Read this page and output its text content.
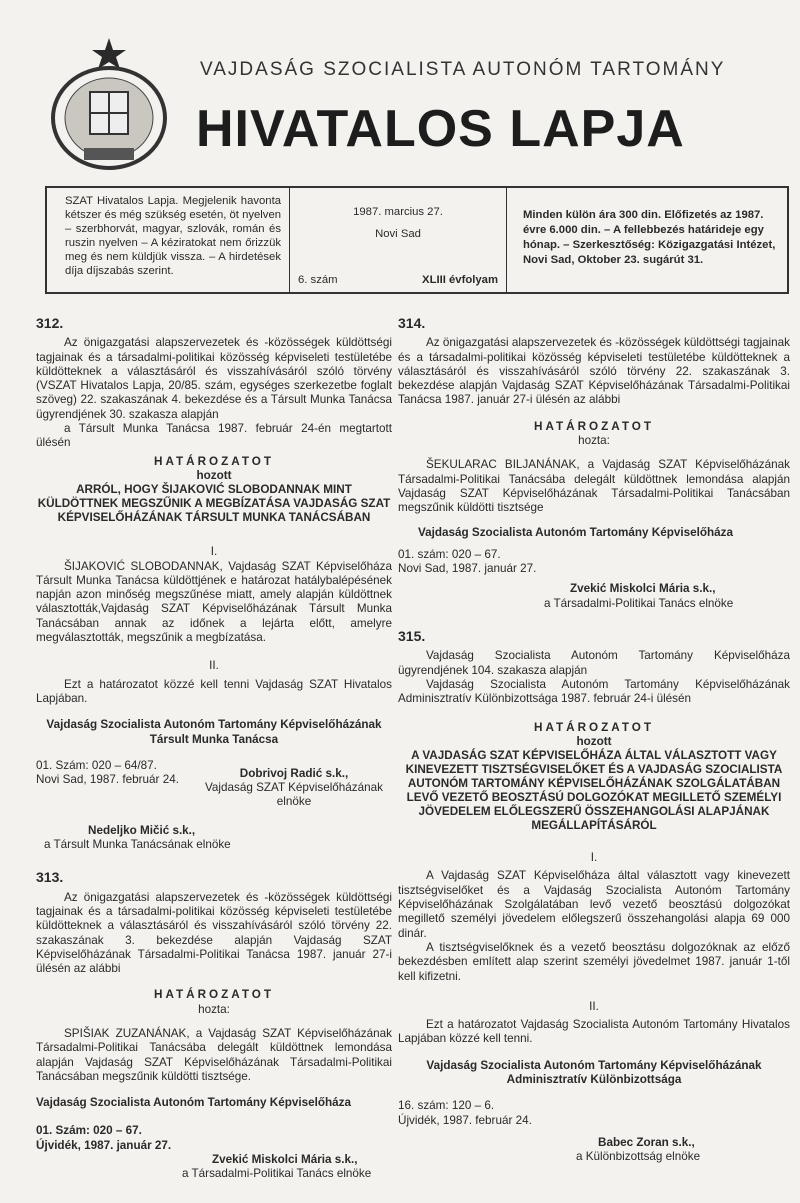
VAJDASÁG SZOCIALISTA AUTONÓM TARTOMÁNY
HIVATALOS LAPJA
SZAT Hivatalos Lapja. Megjelenik havonta kétszer és még szükség esetén, öt nyelven – szerbhorvát, magyar, szlovák, román és ruszin nyelven – A kéziratokat nem őrizzük meg és nem küldjük vissza. – A hirdetések díja díjszabás szerint.
1987. marcius 27.
Novi Sad
6. szám	XLIII évfolyam
Minden külön ára 300 din. Előfizetés az 1987. évre 6.000 din. – A fellebbezés határideje egy hónap. – Szerkesztőség: Közigazgatási Intézet, Novi Sad, Oktober 23. sugárút 31.
312.
Az önigazgatási alapszervezetek és -közösségek küldöttségi tagjainak és a társadalmi-politikai közösség képviseleti testületébe küldötteknek a választásáról és visszahívásáról szóló törvény (VSZAT Hivatalos Lapja, 20/85. szám, egységes szerkezetbe foglalt szöveg) 22. szakaszának 4. bekezdése és a Társult Munka Tanácsa ügyrendjének 30. szakasza alapján
a Társult Munka Tanácsa 1987. február 24-én megtartott ülésén
HATÁROZATOT
hozott
ARRÓL, HOGY ŠIJAKOVIĆ SLOBODANNAK MINT KÜLDÖTTNEK MEGSZŰNIK A MEGBÍZATÁSA VAJDASÁG SZAT KÉPVISELŐHÁZÁNAK TÁRSULT MUNKA TANÁCSÁBAN
I.
ŠIJAKOVIĆ SLOBODANNAK, Vajdaság SZAT Képviselőháza Társult Munka Tanácsa küldöttjének e határozat hatálybalépésének napján azon minőség megszűnése miatt, amely alapján küldöttnek választották,Vajdaság SZAT Képviselőházának Társult Munka Tanácsában annak az időnek a lejárta előtt, amelyre megválasztották, megszűnik a megbízatása.
II.
Ezt a határozatot közzé kell tenni Vajdaság SZAT Hivatalos Lapjában.
Vajdaság Szocialista Autonóm Tartomány Képviselőházának
Társult Munka Tanácsa
01. Szám: 020 – 64/87.
Novi Sad, 1987. február 24.	Dobrivoj Radić s.k.,
Vajdaság SZAT Képviselőházának
elnöke
Nedeljko Mičić s.k.,
a Társult Munka Tanácsának elnöke
313.
Az önigazgatási alapszervezetek és -közösségek küldöttségi tagjainak és a társadalmi-politikai közösség képviseleti testületébe küldötteknek a választásáról és visszahívásáról szóló törvény 22. szakaszának 3. bekezdése alapján Vajdaság SZAT Képviselőházának Társadalmi-Politikai Tanácsa 1987. január 27-i ülésén az alábbi
HATÁROZATOT
hozta:
SPIŠIAK ZUZANÁNAK, a Vajdaság SZAT Képviselőházának Társadalmi-Politikai Tanácsába delegált küldöttnek lemondása alapján Vajdaság SZAT Képviselőházának Társadalmi-Politikai Tanácsában megszűnik küldötti tisztsége.
Vajdaság Szocialista Autonóm Tartomány Képviselőháza
01. Szám: 020 – 67.
Újvidék, 1987. január 27.
Zvekić Miskolci Mária s.k.,
a Társadalmi-Politikai Tanács elnöke
314.
Az önigazgatási alapszervezetek és -közösségek küldöttségi tagjainak és a társadalmi-politikai közösség képviseleti testületébe küldötteknek a választásáról és visszahívásáról szóló törvény 22. szakaszának 3. bekezdése alapján Vajdaság SZAT Képviselőházának Társadalmi-Politikai Tanácsa 1987. január 27-i ülésén az alábbi
HATÁROZATOT
hozta:
ŠEKULARAC BILJANÁNAK, a Vajdaság SZAT Képviselőházának Társadalmi-Politikai Tanácsába delegált küldöttnek lemondása alapján Vajdaság SZAT Képviselőházának Társadalmi-Politikai Tanácsában megszűnik küldötti tisztsége
Vajdaság Szocialista Autonóm Tartomány Képviselőháza
01. szám: 020 – 67.
Novi Sad, 1987. január 27.
Zvekić Miskolci Mária s.k.,
a Társadalmi-Politikai Tanács elnöke
315.
Vajdaság Szocialista Autonóm Tartomány Képviselőháza ügyrendjének 104. szakasza alapján
Vajdaság Szocialista Autonóm Tartomány Képviselőházának Adminisztratív Különbizottsága 1987. február 24-i ülésén
HATÁROZATOT
hozott
A VAJDASÁG SZAT KÉPVISELŐHÁZA ÁLTAL VÁLASZTOTT VAGY KINEVEZETT TISZTSÉGVISELŐKET ÉS A VAJDASÁG SZOCIALISTA AUTONÓM TARTOMÁNY KÉPVISELŐHÁZÁNAK SZOLGÁLATÁBAN LEVŐ VEZETŐ BEOSZTÁSÚ DOLGOZÓKAT MEGILLETŐ SZEMÉLYI JÖVEDELEM ELŐLEGSZERŰ ÖSSZEHANGOLÁSI ALAPJÁNAK MEGÁLLAPÍTÁSÁRÓL
I.
A Vajdaság SZAT Képviselőháza által választott vagy kinevezett tisztségviselőket és a Vajdaság Szocialista Autonóm Tartomány Képviselőházának Szolgálatában levő vezető beosztású dolgozókat megillető személyi jövedelem előlegszerű összehangolási alapja 69 000 dinár.
A tisztségviselőknek és a vezető beosztásu dolgozóknak az előző bekezdésben említett alap szerint személyi jövedelmet 1987. január 1-től kell kifizetni.
II.
Ezt a határozatot Vajdaság Szocialista Autonóm Tartomány Hivatalos Lapjában közzé kell tenni.
Vajdaság Szocialista Autonóm Tartomány Képviselőházának
Adminisztratív Különbizottsága
16. szám: 120 – 6.
Újvidék, 1987. február 24.
Babec Zoran s.k.,
a Különbizottság elnöke
